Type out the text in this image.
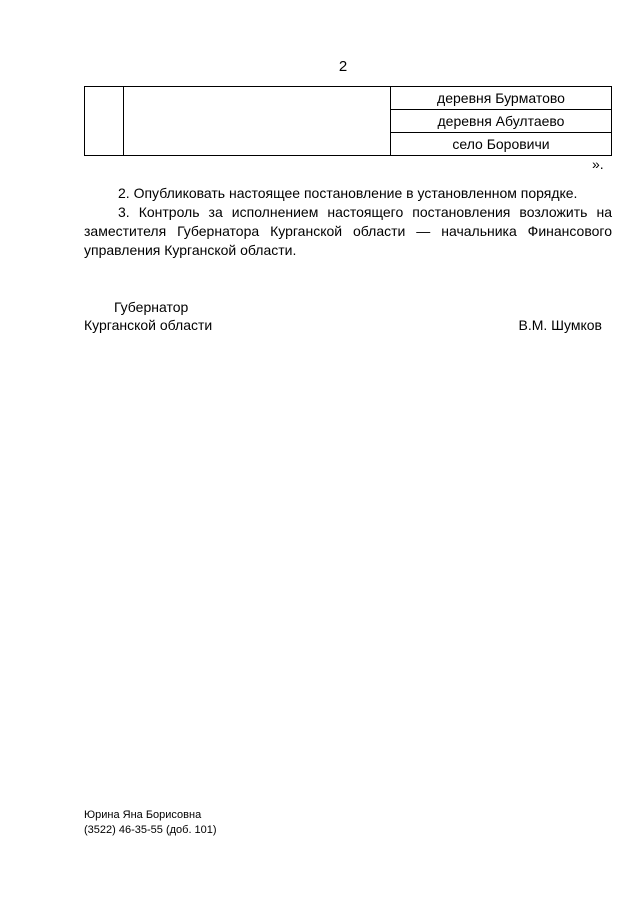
2
		деревня Бурматово
деревня Абултаево
село Боровичи
».

2. Опубликовать настоящее постановление в установленном порядке.

3. Контроль за исполнением настоящего постановления возложить на заместителя Губернатора Курганской области — начальника Финансового управления Курганской области.

Губернатор
Курганской области	В.М. Шумков
Юрина Яна Борисовна
(3522) 46-35-55 (доб. 101)
